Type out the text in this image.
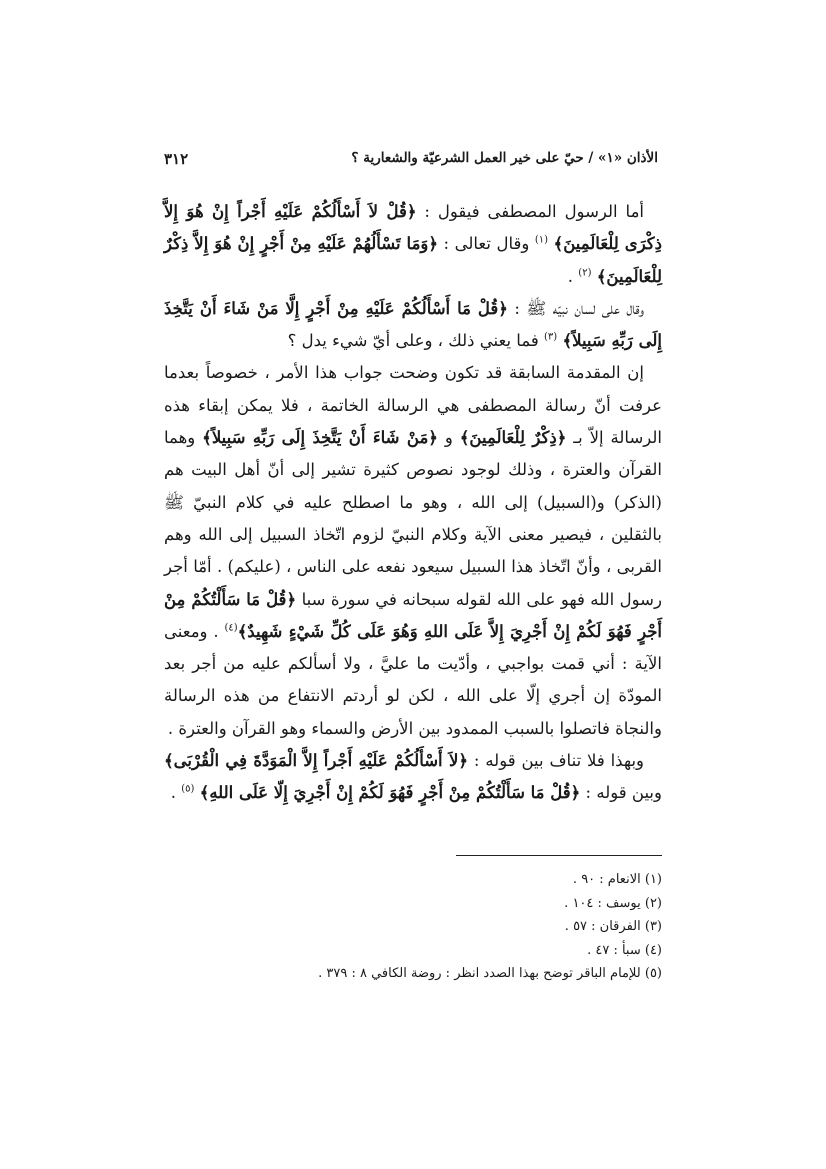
٣١٢	الأذان «١» / حيّ على خير العمل الشرعيّة والشعارية ؟

أما الرسول المصطفى فيقول : ﴿قُلْ لاَ أَسْأَلُكُمْ عَلَيْهِ أَجْراً إِنْ هُوَ إِلاَّ ذِكْرَى لِلْعَالَمِينَ﴾ $^{(١)}$ وقال تعالى : ﴿وَمَا تَسْأَلُهُمْ عَلَيْهِ مِنْ أَجْرٍ إِنْ هُوَ إِلاَّ ذِكْرٌ لِلْعَالَمِينَ﴾ $^{(٢)}$ .

وقال على لسان نبيّه ﷺ : ﴿قُلْ مَا أَسْأَلُكُمْ عَلَيْهِ مِنْ أَجْرٍ إِلَّا مَنْ شَاءَ أَنْ يَتَّخِذَ إِلَى رَبِّهِ سَبِيلاً﴾ $^{(٣)}$ فما يعني ذلك ، وعلى أيّ شيء يدل ؟

إن المقدمة السابقة قد تكون وضحت جواب هذا الأمر ، خصوصاً بعدما عرفت أنّ رسالة المصطفى هي الرسالة الخاتمة ، فلا يمكن إبقاء هذه الرسالة إلاّ بـ ﴿ذِكْرٌ لِلْعَالَمِينَ﴾ و ﴿مَنْ شَاءَ أَنْ يَتَّخِذَ إِلَى رَبِّهِ سَبِيلاً﴾ وهما القرآن والعترة ، وذلك لوجود نصوص كثيرة تشير إلى أنّ أهل البيت هم (الذكر) و(السبيل) إلى الله ، وهو ما اصطلح عليه في كلام النبيّ ﷺ بالثقلين ، فيصير معنى الآية وكلام النبيّ لزوم اتّخاذ السبيل إلى الله وهم القربى ، وأنّ اتّخاذ هذا السبيل سيعود نفعه على الناس ، (عليكم) . أمّا أجر رسول الله فهو على الله لقوله سبحانه في سورة سبا ﴿قُلْ مَا سَأَلْتُكُمْ مِنْ أَجْرٍ فَهُوَ لَكُمْ إِنْ أَجْرِيَ إِلاَّ عَلَى اللهِ وَهُوَ عَلَى كُلِّ شَيْءٍ شَهِيدٌ﴾$^{(٤)}$ . ومعنى الآية : أني قمت بواجبي ، وأدّيت ما عليَّ ، ولا أسألكم عليه من أجر بعد المودّة إن أجري إلّا على الله ، لكن لو أردتم الانتفاع من هذه الرسالة والنجاة فاتصلوا بالسبب الممدود بين الأرض والسماء وهو القرآن والعترة .

وبهذا فلا تناف بين قوله : ﴿لاَ أَسْأَلُكُمْ عَلَيْهِ أَجْراً إِلاَّ الْمَوَدَّةَ فِي الْقُرْبَى﴾ وبين قوله : ﴿قُلْ مَا سَأَلْتُكُمْ مِنْ أَجْرٍ فَهُوَ لَكُمْ إِنْ أَجْرِيَ إِلّا عَلَى اللهِ﴾ $^{(٥)}$ .

(١) الانعام : ٩٠ .
(٢) يوسف : ١٠٤ .
(٣) الفرقان : ٥٧ .
(٤) سبأ : ٤٧ .
(٥) للإمام الباقر توضح بهذا الصدد انظر : روضة الكافي ٨ : ٣٧٩ .
